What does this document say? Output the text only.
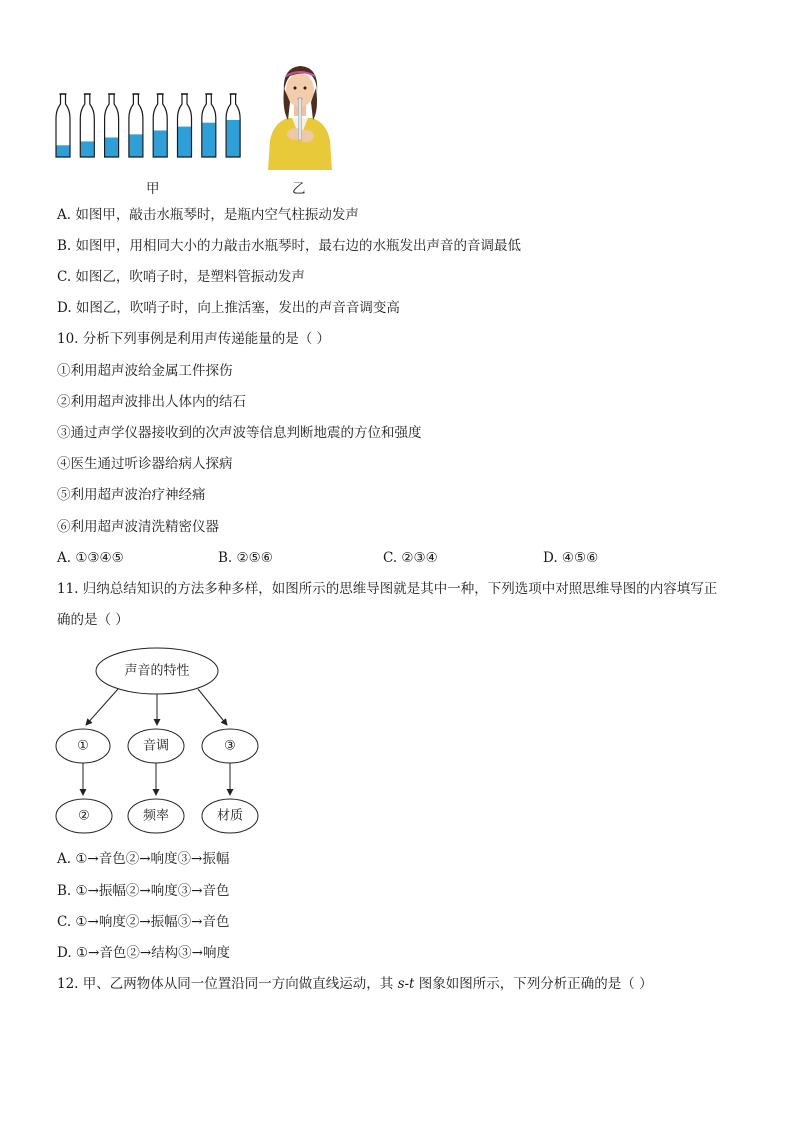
甲	乙
A. 如图甲，敲击水瓶琴时，是瓶内空气柱振动发声
B. 如图甲，用相同大小的力敲击水瓶琴时，最右边的水瓶发出声音的音调最低
C. 如图乙，吹哨子时，是塑料管振动发声
D. 如图乙，吹哨子时，向上推活塞，发出的声音音调变高
10. 分析下列事例是利用声传递能量的是（ ）
①利用超声波给金属工件探伤
②利用超声波排出人体内的结石
③通过声学仪器接收到的次声波等信息判断地震的方位和强度
④医生通过听诊器给病人探病
⑤利用超声波治疗神经痛
⑥利用超声波清洗精密仪器
A. ①③④⑤	B. ②⑤⑥	C. ②③④	D. ④⑤⑥
11. 归纳总结知识的方法多种多样，如图所示的思维导图就是其中一种，下列选项中对照思维导图的内容填写正
确的是（ ）
声音的特性
①	音调	③
②	频率	材质
A. ①→音色②→响度③→振幅
B. ①→振幅②→响度③→音色
C. ①→响度②→振幅③→音色
D. ①→音色②→结构③→响度
12. 甲、乙两物体从同一位置沿同一方向做直线运动，其 s-t 图象如图所示，下列分析正确的是（ ）
